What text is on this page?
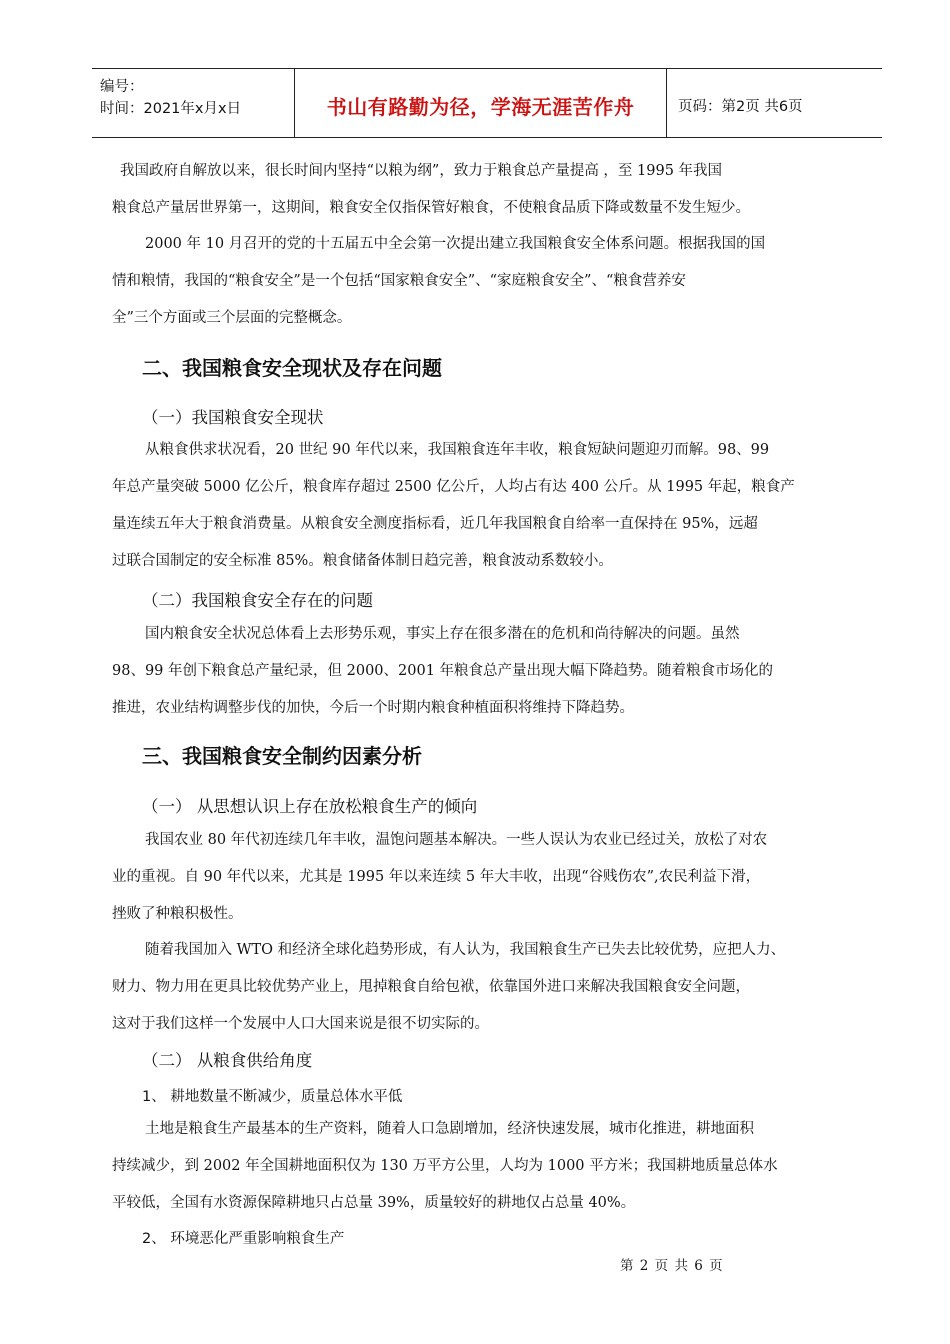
编号：
时间：2021年x月x日	书山有路勤为径，学海无涯苦作舟	页码：第2页 共6页
我国政府自解放以来，很长时间内坚持“以粮为纲”，致力于粮食总产量提高 ，至 1995 年我国
粮食总产量居世界第一，这期间，粮食安全仅指保管好粮食，不使粮食品质下降或数量不发生短少。
2000 年 10 月召开的党的十五届五中全会第一次提出建立我国粮食安全体系问题。根据我国的国
情和粮情，我国的“粮食安全”是一个包括“国家粮食安全”、“家庭粮食安全”、“粮食营养安
全”三个方面或三个层面的完整概念。
二、我国粮食安全现状及存在问题
（一）我国粮食安全现状
从粮食供求状况看，20 世纪 90 年代以来，我国粮食连年丰收，粮食短缺问题迎刃而解。98、99
年总产量突破 5000 亿公斤，粮食库存超过 2500 亿公斤，人均占有达 400 公斤。从 1995 年起，粮食产
量连续五年大于粮食消费量。从粮食安全测度指标看，近几年我国粮食自给率一直保持在 95%，远超
过联合国制定的安全标准 85%。粮食储备体制日趋完善，粮食波动系数较小。
（二）我国粮食安全存在的问题
国内粮食安全状况总体看上去形势乐观，事实上存在很多潜在的危机和尚待解决的问题。虽然
98、99 年创下粮食总产量纪录，但 2000、2001 年粮食总产量出现大幅下降趋势。随着粮食市场化的
推进，农业结构调整步伐的加快，今后一个时期内粮食种植面积将维持下降趋势。
三、我国粮食安全制约因素分析
（一） 从思想认识上存在放松粮食生产的倾向
我国农业 80 年代初连续几年丰收，温饱问题基本解决。一些人误认为农业已经过关，放松了对农
业的重视。自 90 年代以来，尤其是 1995 年以来连续 5 年大丰收，出现“谷贱伤农”,农民利益下滑，
挫败了种粮积极性。
随着我国加入 WTO 和经济全球化趋势形成，有人认为，我国粮食生产已失去比较优势，应把人力、
财力、物力用在更具比较优势产业上，甩掉粮食自给包袱，依靠国外进口来解决我国粮食安全问题，
这对于我们这样一个发展中人口大国来说是很不切实际的。
（二） 从粮食供给角度
1、 耕地数量不断减少，质量总体水平低
土地是粮食生产最基本的生产资料，随着人口急剧增加，经济快速发展，城市化推进，耕地面积
持续减少，到 2002 年全国耕地面积仅为 130 万平方公里，人均为 1000 平方米；我国耕地质量总体水
平较低，全国有水资源保障耕地只占总量 39%，质量较好的耕地仅占总量 40%。
2、 环境恶化严重影响粮食生产
第 2 页 共 6 页
